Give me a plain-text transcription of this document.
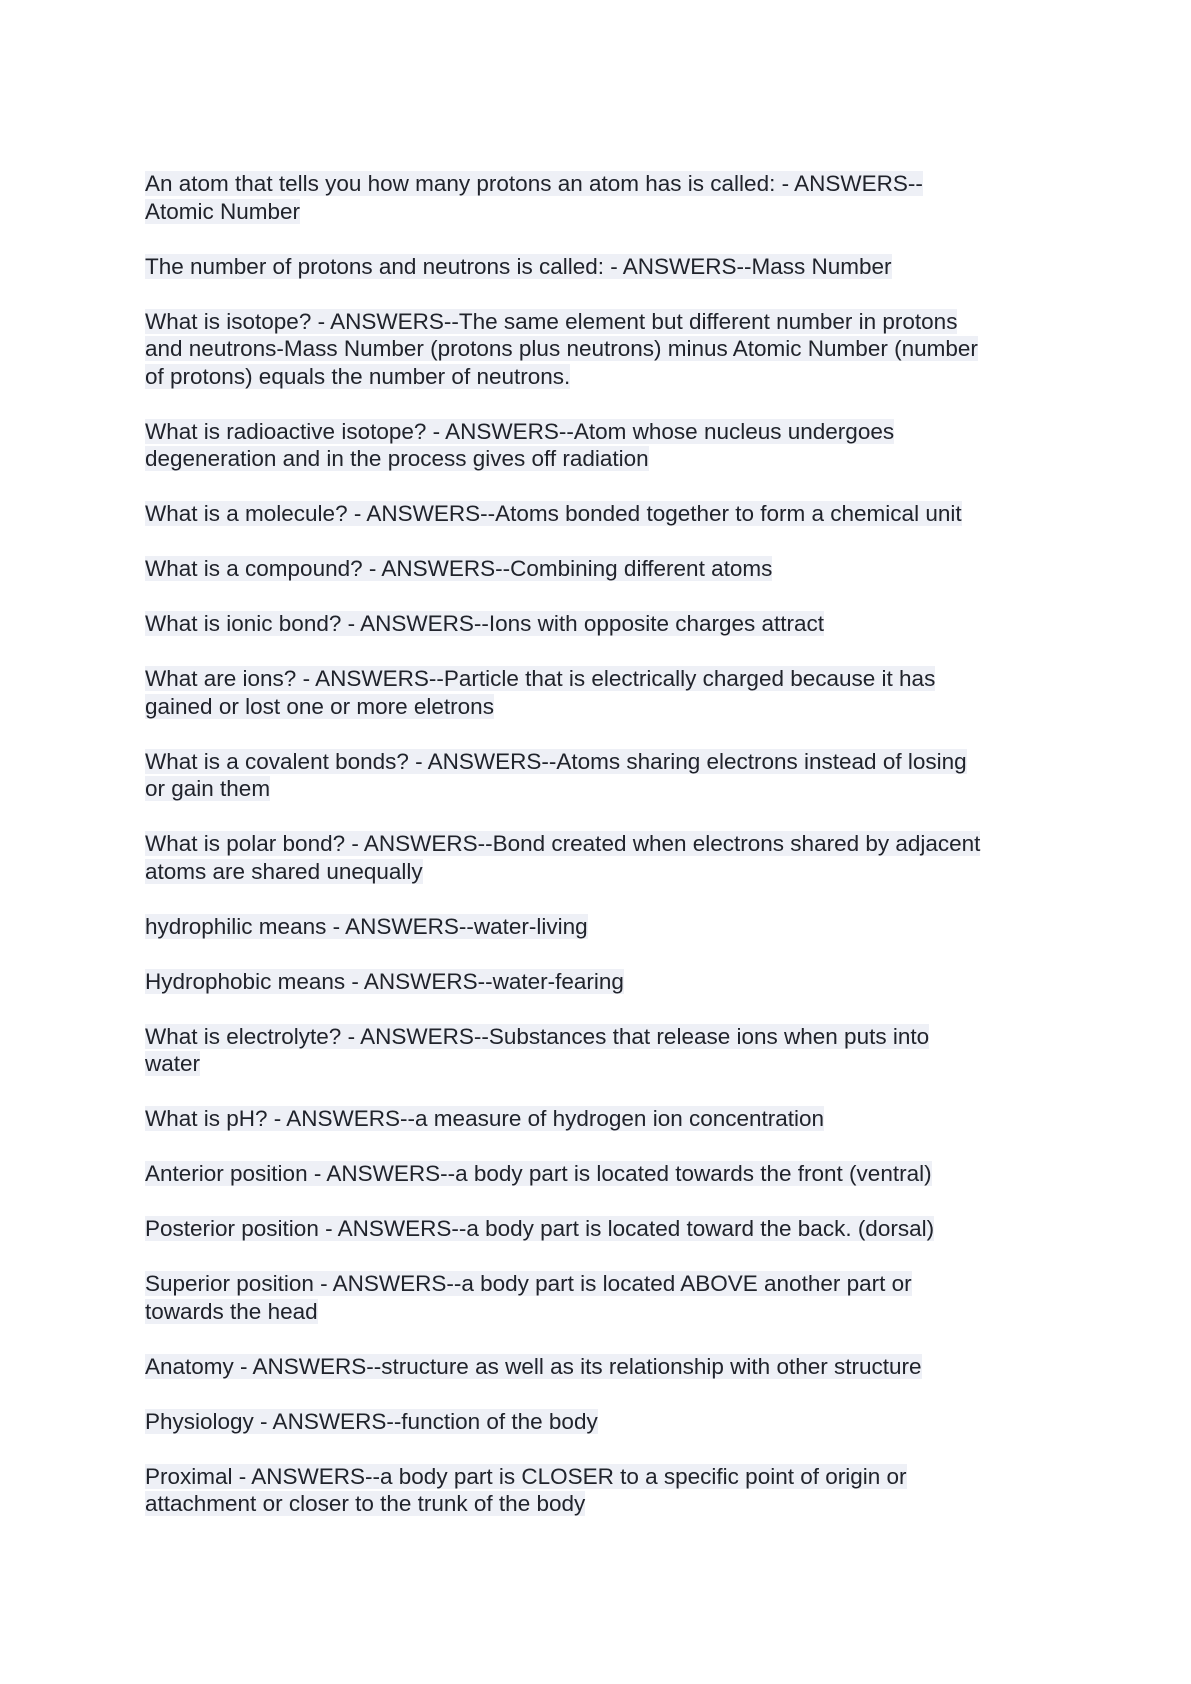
An atom that tells you how many protons an atom has is called: - ANSWERS--
Atomic Number
The number of protons and neutrons is called: - ANSWERS--Mass Number
What is isotope? - ANSWERS--The same element but different number in protons
and neutrons-Mass Number (protons plus neutrons) minus Atomic Number (number
of protons) equals the number of neutrons.
What is radioactive isotope? - ANSWERS--Atom whose nucleus undergoes
degeneration and in the process gives off radiation
What is a molecule? - ANSWERS--Atoms bonded together to form a chemical unit
What is a compound? - ANSWERS--Combining different atoms
What is ionic bond? - ANSWERS--Ions with opposite charges attract
What are ions? - ANSWERS--Particle that is electrically charged because it has
gained or lost one or more eletrons
What is a covalent bonds? - ANSWERS--Atoms sharing electrons instead of losing
or gain them
What is polar bond? - ANSWERS--Bond created when electrons shared by adjacent
atoms are shared unequally
hydrophilic means - ANSWERS--water-living
Hydrophobic means - ANSWERS--water-fearing
What is electrolyte? - ANSWERS--Substances that release ions when puts into
water
What is pH? - ANSWERS--a measure of hydrogen ion concentration
Anterior position - ANSWERS--a body part is located towards the front (ventral)
Posterior position - ANSWERS--a body part is located toward the back. (dorsal)
Superior position - ANSWERS--a body part is located ABOVE another part or
towards the head
Anatomy - ANSWERS--structure as well as its relationship with other structure
Physiology - ANSWERS--function of the body
Proximal - ANSWERS--a body part is CLOSER to a specific point of origin or
attachment or closer to the trunk of the body
